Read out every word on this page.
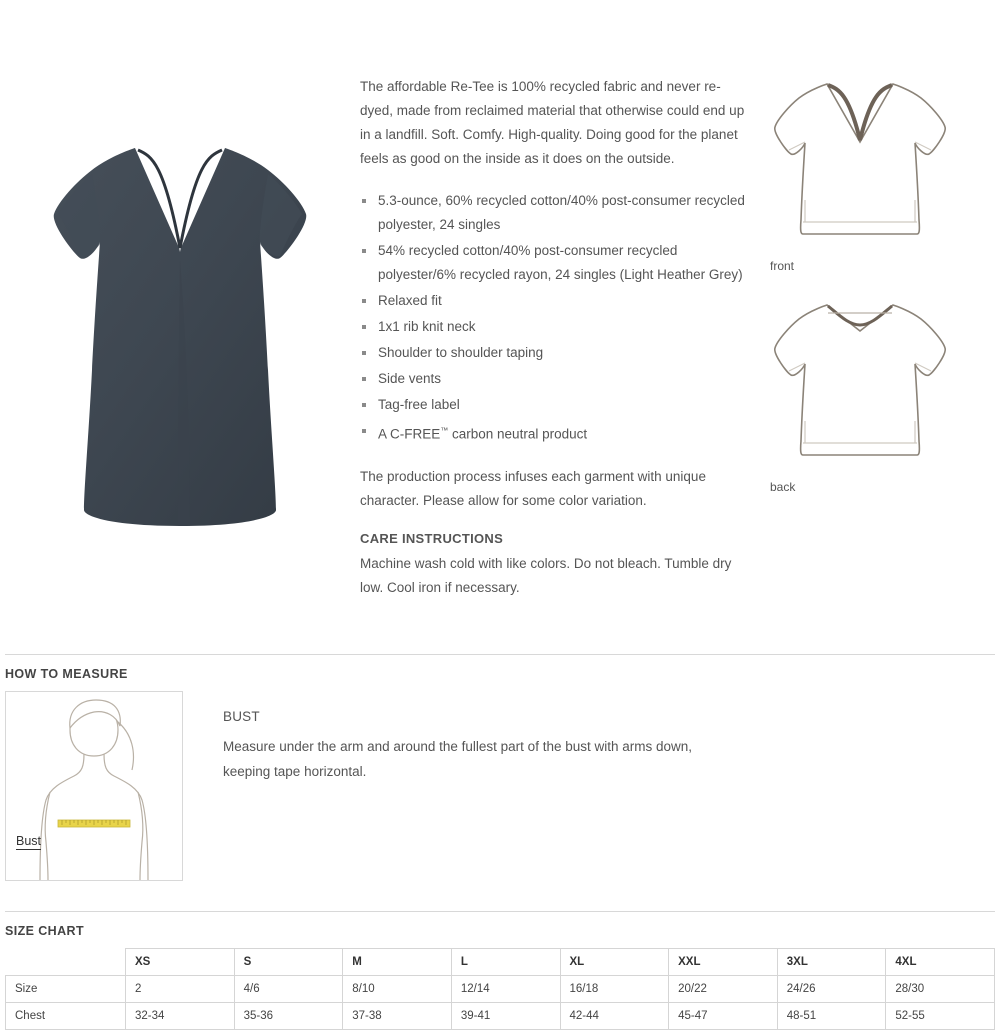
The affordable Re-Tee is 100% recycled fabric and never re-dyed, made from reclaimed material that otherwise could end up in a landfill. Soft. Comfy. High-quality. Doing good for the planet feels as good on the inside as it does on the outside.

5.3-ounce, 60% recycled cotton/40% post-consumer recycled polyester, 24 singles
54% recycled cotton/40% post-consumer recycled polyester/6% recycled rayon, 24 singles (Light Heather Grey)
Relaxed fit
1x1 rib knit neck
Shoulder to shoulder taping
Side vents
Tag-free label
A C-FREE™ carbon neutral product

The production process infuses each garment with unique character. Please allow for some color variation.

CARE INSTRUCTIONS

Machine wash cold with like colors. Do not bleach. Tumble dry low. Cool iron if necessary.

front
back
HOW TO MEASURE
Bust
BUST
Measure under the arm and around the fullest part of the bust with arms down, keeping tape horizontal.
SIZE CHART
	XS	S	M	L	XL	XXL	3XL	4XL
Size	2	4/6	8/10	12/14	16/18	20/22	24/26	28/30
Chest	32-34	35-36	37-38	39-41	42-44	45-47	48-51	52-55
